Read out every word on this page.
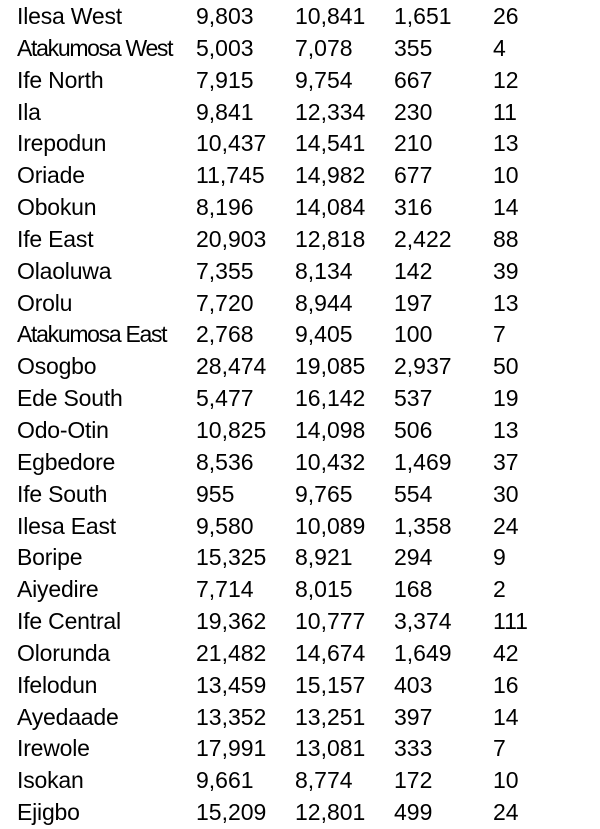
Ilesa West	9,803	10,841	1,651	26
Atakumosa West	5,003	7,078	355	4
Ife North	7,915	9,754	667	12
Ila	9,841	12,334	230	11
Irepodun	10,437	14,541	210	13
Oriade	11,745	14,982	677	10
Obokun	8,196	14,084	316	14
Ife East	20,903	12,818	2,422	88
Olaoluwa	7,355	8,134	142	39
Orolu	7,720	8,944	197	13
Atakumosa East	2,768	9,405	100	7
Osogbo	28,474	19,085	2,937	50
Ede South	5,477	16,142	537	19
Odo-Otin	10,825	14,098	506	13
Egbedore	8,536	10,432	1,469	37
Ife South	955	9,765	554	30
Ilesa East	9,580	10,089	1,358	24
Boripe	15,325	8,921	294	9
Aiyedire	7,714	8,015	168	2
Ife Central	19,362	10,777	3,374	111
Olorunda	21,482	14,674	1,649	42
Ifelodun	13,459	15,157	403	16
Ayedaade	13,352	13,251	397	14
Irewole	17,991	13,081	333	7
Isokan	9,661	8,774	172	10
Ejigbo	15,209	12,801	499	24
